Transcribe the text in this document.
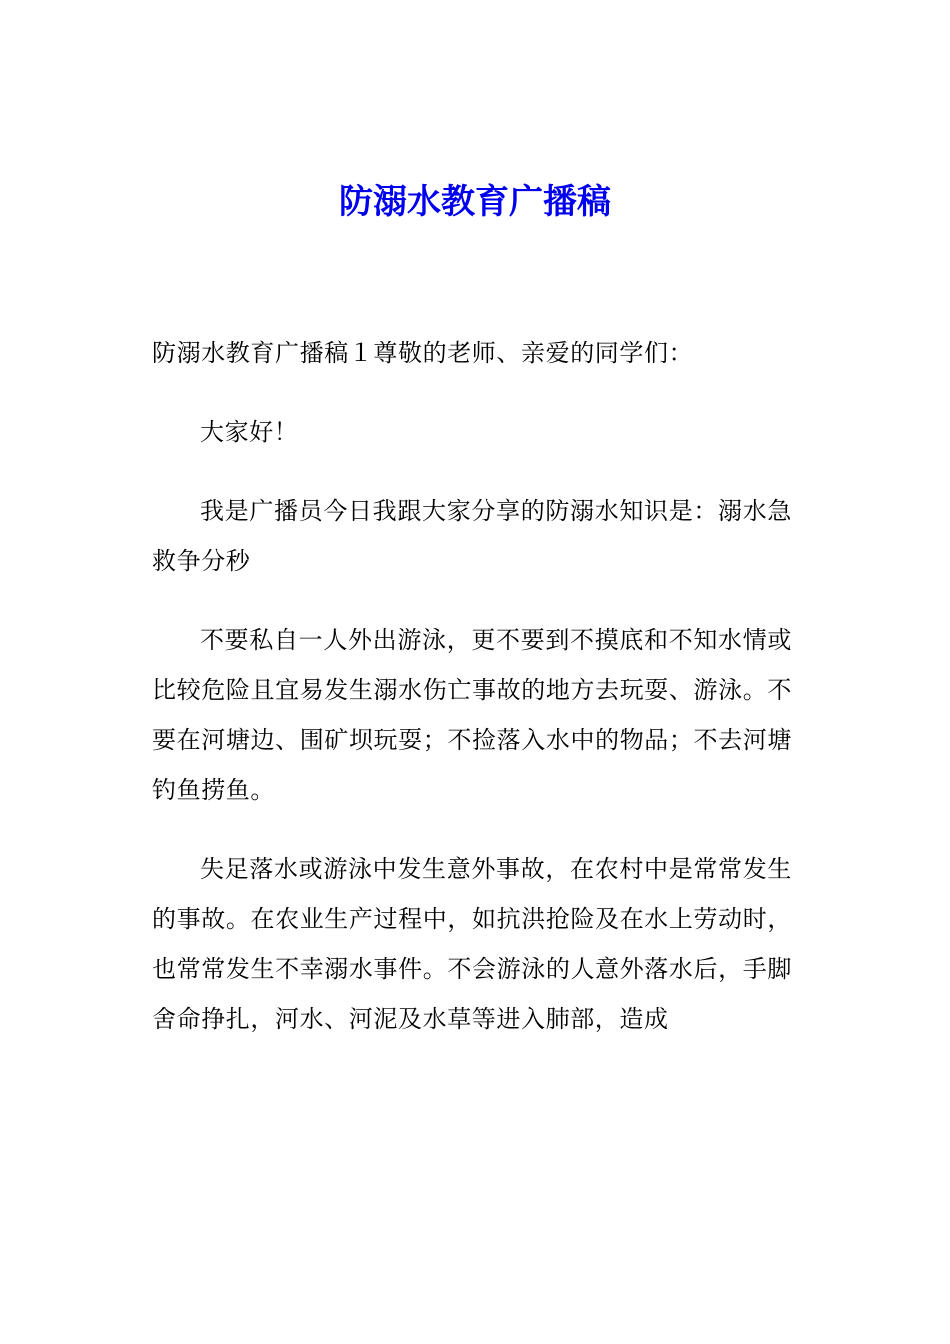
防溺水教育广播稿

防溺水教育广播稿１尊敬的老师、亲爱的同学们：

大家好！

我是广播员今日我跟大家分享的防溺水知识是：溺水急救争分秒

不要私自一人外出游泳，更不要到不摸底和不知水情或比较危险且宜易发生溺水伤亡事故的地方去玩耍、游泳。不要在河塘边、围矿坝玩耍；不捡落入水中的物品；不去河塘钓鱼捞鱼。

失足落水或游泳中发生意外事故，在农村中是常常发生的事故。在农业生产过程中，如抗洪抢险及在水上劳动时，也常常发生不幸溺水事件。不会游泳的人意外落水后，手脚舍命挣扎，河水、河泥及水草等进入肺部，造成
